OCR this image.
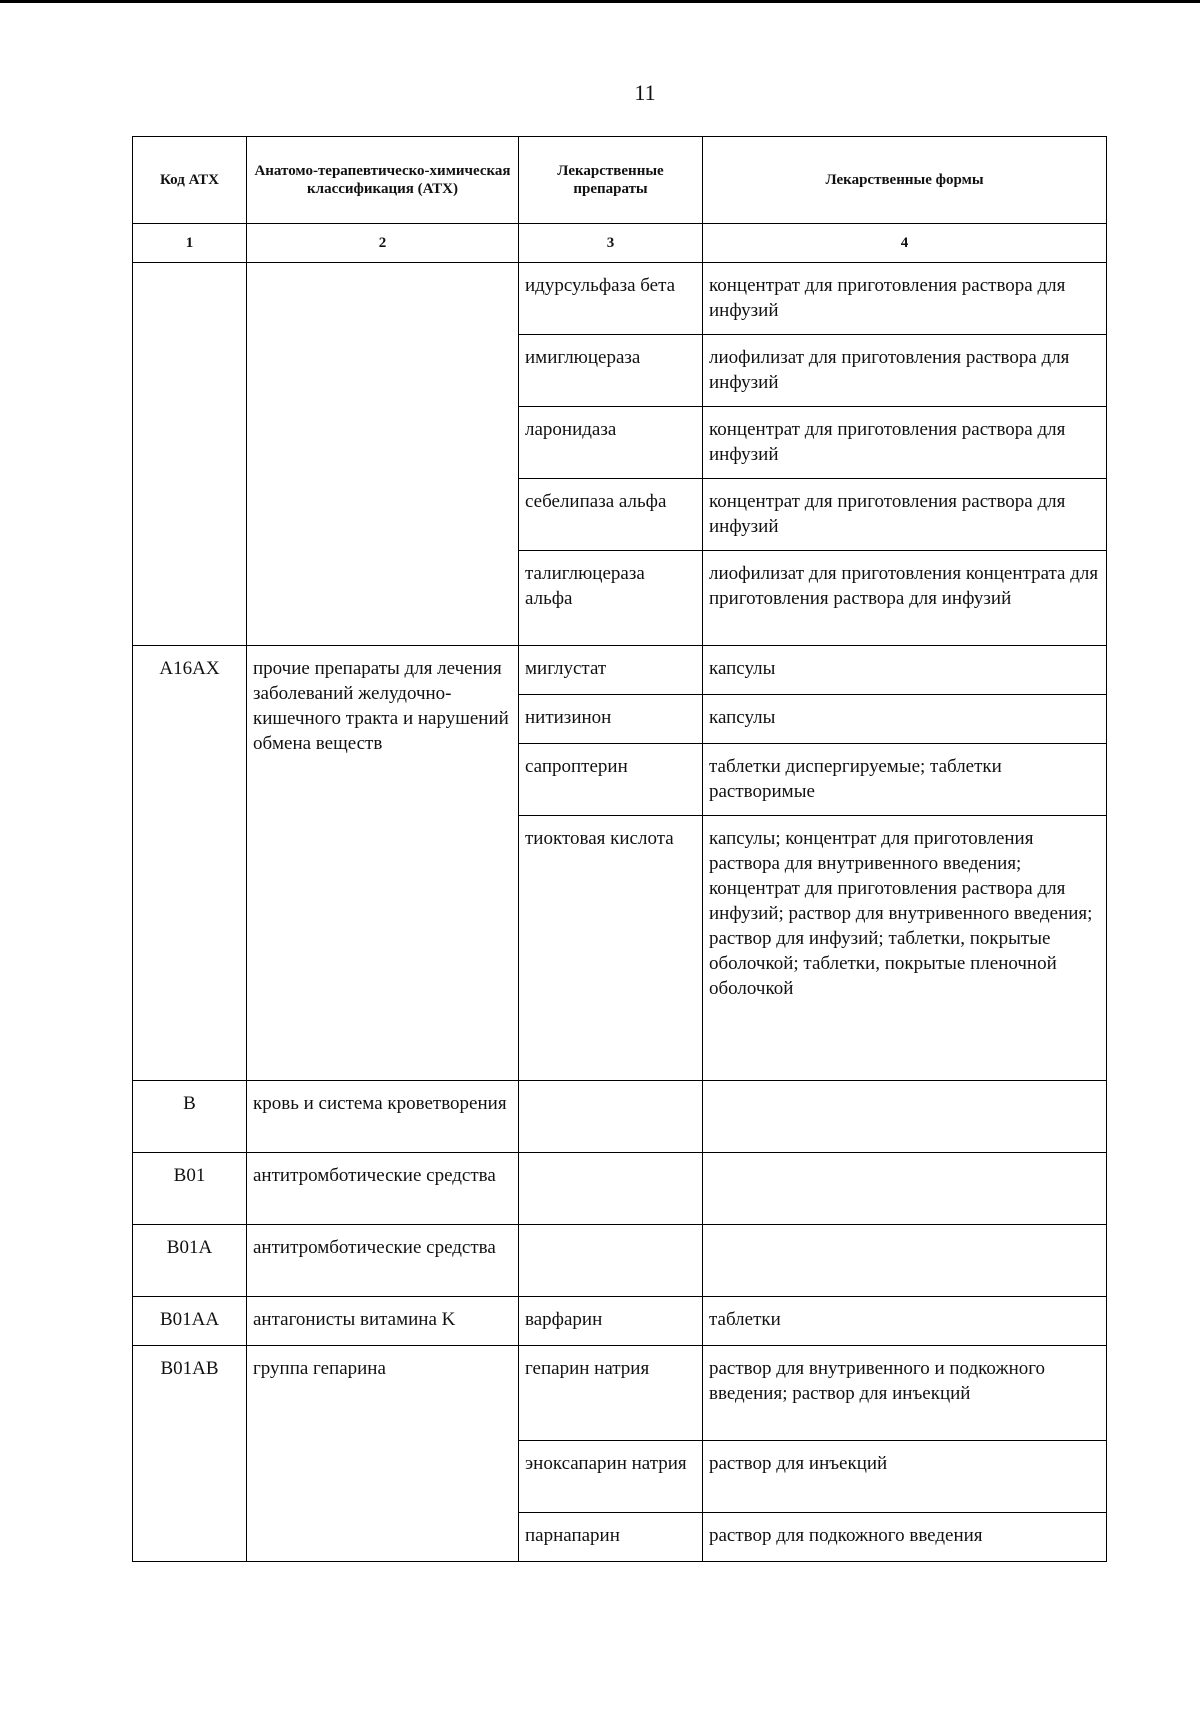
11
Код АТХ	Анатомо-терапевтическо-химическая классификация (АТХ)	Лекарственные препараты	Лекарственные формы
1	2	3	4
		идурсульфаза бета	концентрат для приготовления раствора для инфузий
		имиглюцераза	лиофилизат для приготовления раствора для инфузий
		ларонидаза	концентрат для приготовления раствора для инфузий
		себелипаза альфа	концентрат для приготовления раствора для инфузий
		талиглюцераза альфа	лиофилизат для приготовления концентрата для приготовления раствора для инфузий
A16AX	прочие препараты для лечения заболеваний желудочно-кишечного тракта и нарушений обмена веществ	миглустат	капсулы
		нитизинон	капсулы
		сапроптерин	таблетки диспергируемые; таблетки растворимые
		тиоктовая кислота	капсулы; концентрат для приготовления раствора для внутривенного введения; концентрат для приготовления раствора для инфузий; раствор для внутривенного введения; раствор для инфузий; таблетки, покрытые оболочкой; таблетки, покрытые пленочной оболочкой
B	кровь и система кроветворения		
B01	антитромботические средства		
B01A	антитромботические средства		
B01AA	антагонисты витамина K	варфарин	таблетки
B01AB	группа гепарина	гепарин натрия	раствор для внутривенного и подкожного введения; раствор для инъекций
		эноксапарин натрия	раствор для инъекций
		парнапарин	раствор для подкожного введения
